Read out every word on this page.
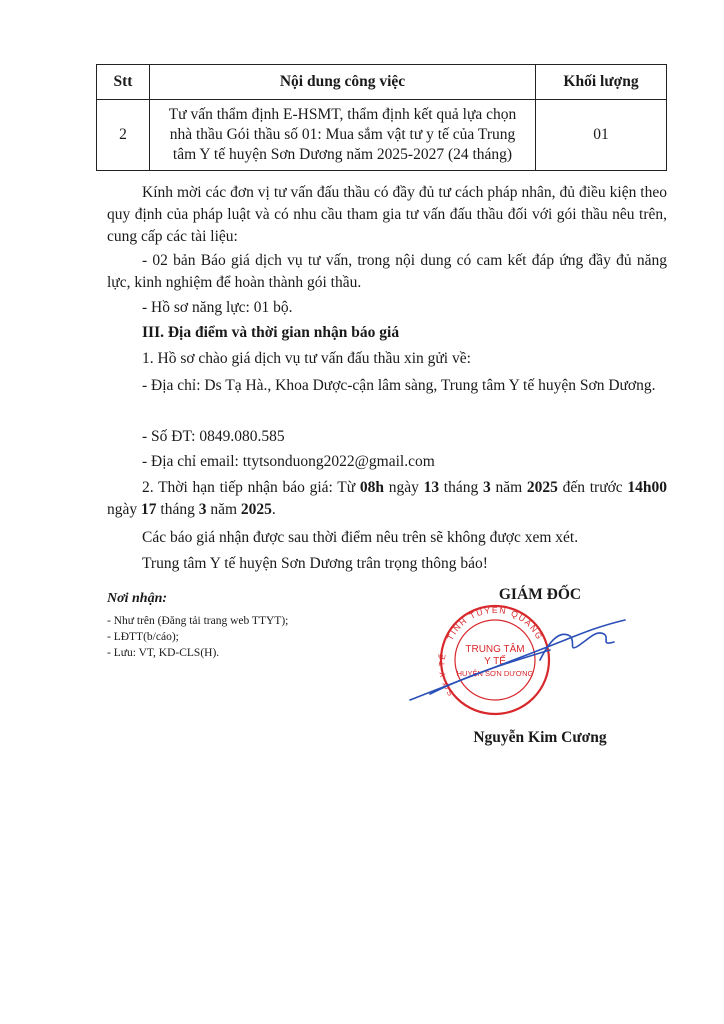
Stt	Nội dung công việc	Khối lượng
2	Tư vấn thẩm định E-HSMT, thẩm định kết quả lựa chọn
nhà thầu Gói thầu số 01: Mua sắm vật tư y tế của Trung
tâm Y tế huyện Sơn Dương năm 2025-2027 (24 tháng)	01
Kính mời các đơn vị tư vấn đấu thầu có đầy đủ tư cách pháp nhân, đủ điều kiện theo quy định của pháp luật và có nhu cầu tham gia tư vấn đấu thầu đối với gói thầu nêu trên, cung cấp các tài liệu:
- 02 bản Báo giá dịch vụ tư vấn, trong nội dung có cam kết đáp ứng đầy đủ năng lực, kinh nghiệm để hoàn thành gói thầu.
- Hồ sơ năng lực: 01 bộ.
III. Địa điểm và thời gian nhận báo giá
1. Hồ sơ chào giá dịch vụ tư vấn đấu thầu xin gửi về:
- Địa chỉ: Ds Tạ Hà., Khoa Dược-cận lâm sàng, Trung tâm Y tế huyện Sơn Dương.
- Số ĐT: 0849.080.585
- Địa chỉ email: ttytsonduong2022@gmail.com
2. Thời hạn tiếp nhận báo giá: Từ 08h ngày 13 tháng 3 năm 2025 đến trước 14h00 ngày 17 tháng 3 năm 2025.
Các báo giá nhận được sau thời điểm nêu trên sẽ không được xem xét.
Trung tâm Y tế huyện Sơn Dương trân trọng thông báo!
Nơi nhận:
- Như trên (Đăng tải trang web TTYT);
- LĐTT(b/cáo);
- Lưu: VT, KD-CLS(H).
GIÁM ĐỐC
TỈNH TUYÊN QUANG
SỞ Y TẾ
TRUNG TÂM
Y TẾ
HUYỆN SƠN DƯƠNG
Nguyễn Kim Cương
